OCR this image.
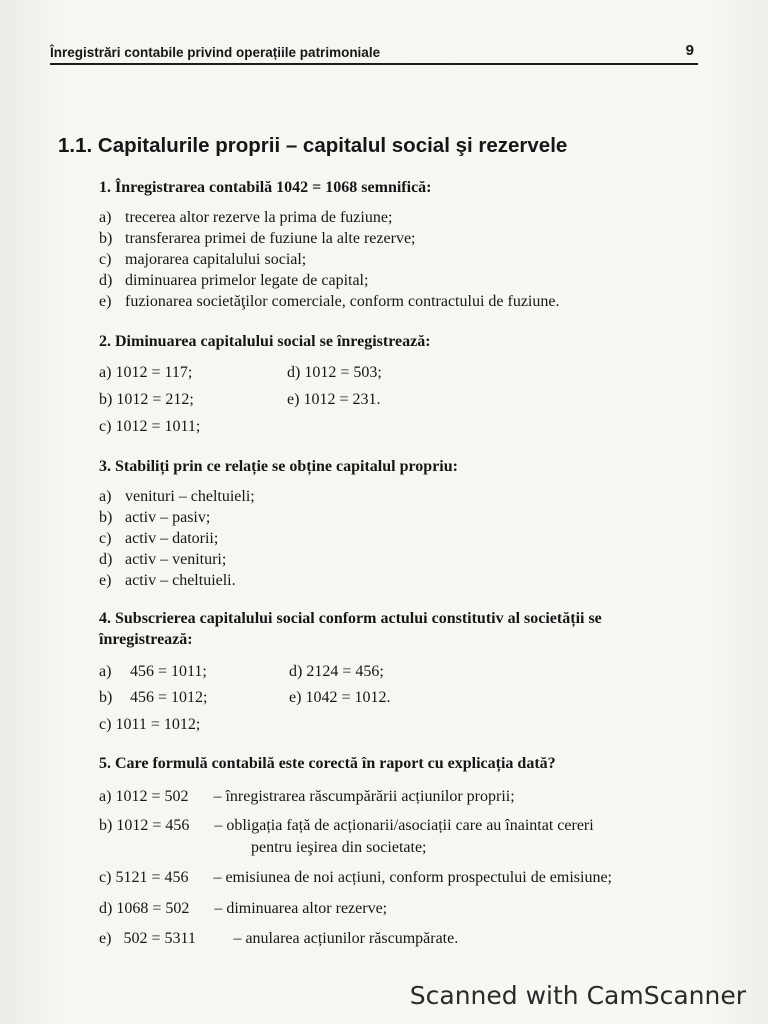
Înregistrări contabile privind operațiile patrimoniale	9
1.1. Capitalurile proprii – capitalul social şi rezervele
1. Înregistrarea contabilă 1042 = 1068 semnifică:
a) trecerea altor rezerve la prima de fuziune;
b) transferarea primei de fuziune la alte rezerve;
c) majorarea capitalului social;
d) diminuarea primelor legate de capital;
e) fuzionarea societăţilor comerciale, conform contractului de fuziune.
2. Diminuarea capitalului social se înregistrează:
a) 1012 = 117;
b) 1012 = 212;
c) 1012 = 1011;
d) 1012 = 503;
e) 1012 = 231.
3. Stabiliți prin ce relație se obține capitalul propriu:
a) venituri – cheltuieli;
b) activ – pasiv;
c) activ – datorii;
d) activ – venituri;
e) activ – cheltuieli.
4. Subscrierea capitalului social conform actului constitutiv al societății se
înregistrează:
a) 456 = 1011;
b) 456 = 1012;
c) 1011 = 1012;
d) 2124 = 456;
e) 1042 = 1012.
5. Care formulă contabilă este corectă în raport cu explicația dată?
a) 1012 = 502 – înregistrarea răscumpărării acțiunilor proprii;
b) 1012 = 456 – obligația față de acționarii/asociații care au înaintat cereri
pentru ieşirea din societate;
c) 5121 = 456 – emisiunea de noi acțiuni, conform prospectului de emisiune;
d) 1068 = 502 – diminuarea altor rezerve;
e) 502 = 5311 – anularea acțiunilor răscumpărate.
Scanned with CamScanner
